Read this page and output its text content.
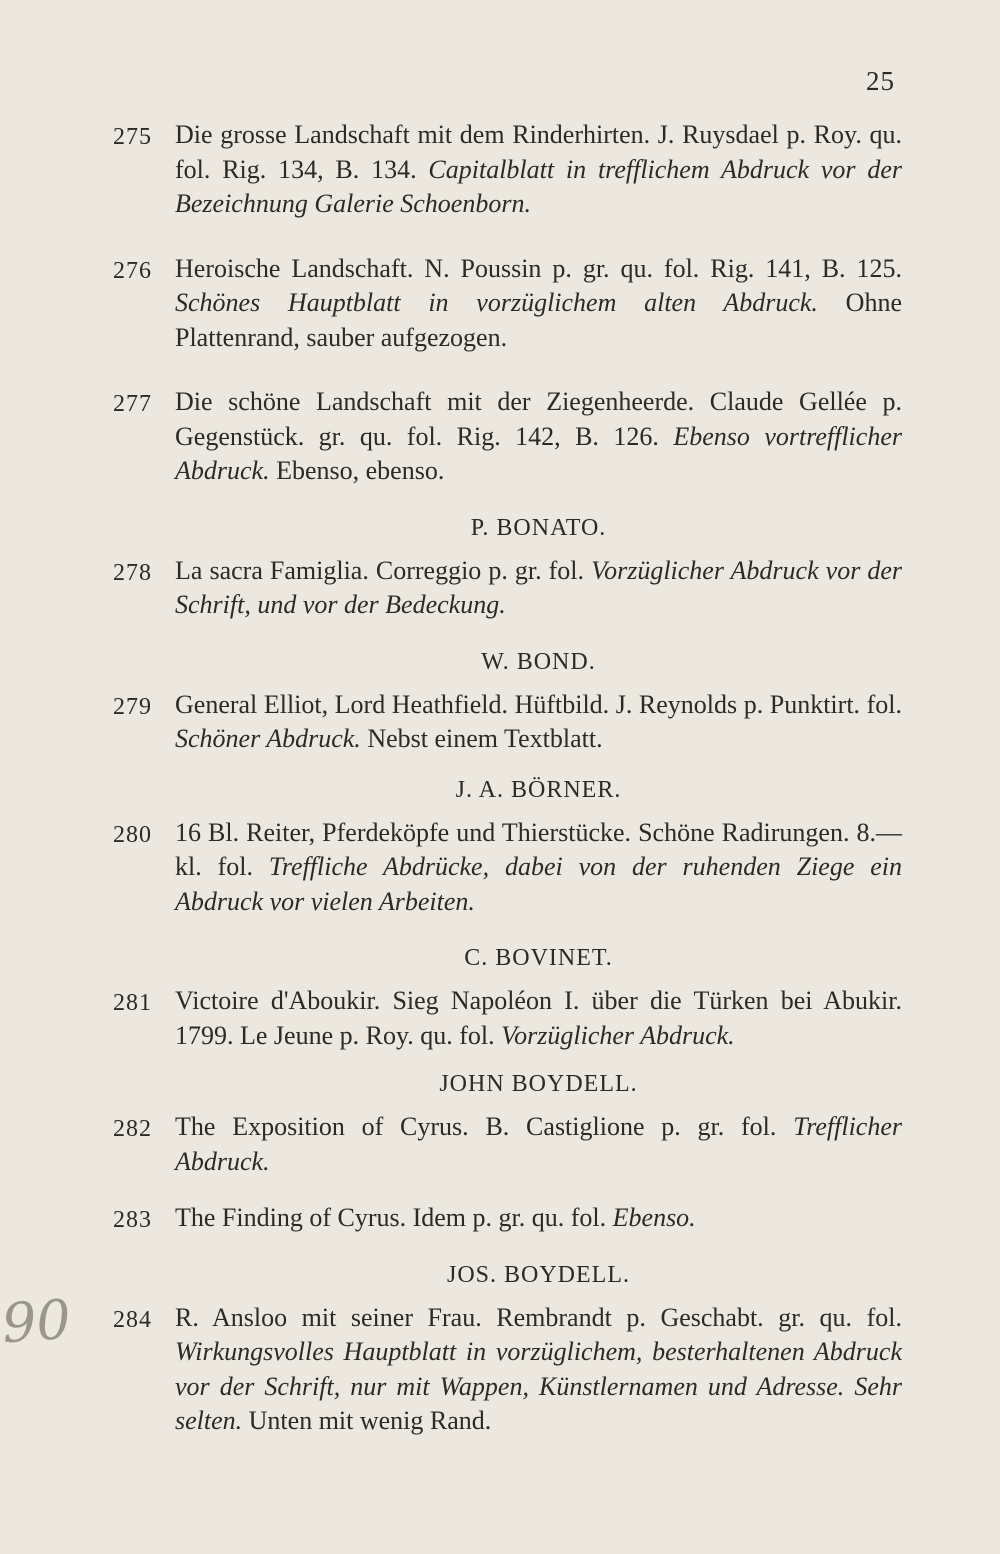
25
90
275 Die grosse Landschaft mit dem Rinderhirten. J. Ruysdael p. Roy. qu. fol. Rig. 134, B. 134. Capitalblatt in trefflichem Abdruck vor der Bezeichnung Galerie Schoenborn.
276 Heroische Landschaft. N. Poussin p. gr. qu. fol. Rig. 141, B. 125. Schönes Hauptblatt in vorzüglichem alten Abdruck. Ohne Plattenrand, sauber aufgezogen.
277 Die schöne Landschaft mit der Ziegenheerde. Claude Gellée p. Gegenstück. gr. qu. fol. Rig. 142, B. 126. Ebenso vortrefflicher Abdruck. Ebenso, ebenso.
P. BONATO.
278 La sacra Famiglia. Correggio p. gr. fol. Vorzüglicher Abdruck vor der Schrift, und vor der Bedeckung.
W. BOND.
279 General Elliot, Lord Heathfield. Hüftbild. J. Reynolds p. Punktirt. fol. Schöner Abdruck. Nebst einem Textblatt.
J. A. BÖRNER.
280 16 Bl. Reiter, Pferdeköpfe und Thierstücke. Schöne Radirungen. 8.—kl. fol. Treffliche Abdrücke, dabei von der ruhenden Ziege ein Abdruck vor vielen Arbeiten.
C. BOVINET.
281 Victoire d'Aboukir. Sieg Napoléon I. über die Türken bei Abukir. 1799. Le Jeune p. Roy. qu. fol. Vorzüglicher Abdruck.
JOHN BOYDELL.
282 The Exposition of Cyrus. B. Castiglione p. gr. fol. Trefflicher Abdruck.
283 The Finding of Cyrus. Idem p. gr. qu. fol. Ebenso.
JOS. BOYDELL.
284 R. Ansloo mit seiner Frau. Rembrandt p. Geschabt. gr. qu. fol. Wirkungsvolles Hauptblatt in vorzüglichem, besterhaltenen Abdruck vor der Schrift, nur mit Wappen, Künstlernamen und Adresse. Sehr selten. Unten mit wenig Rand.
